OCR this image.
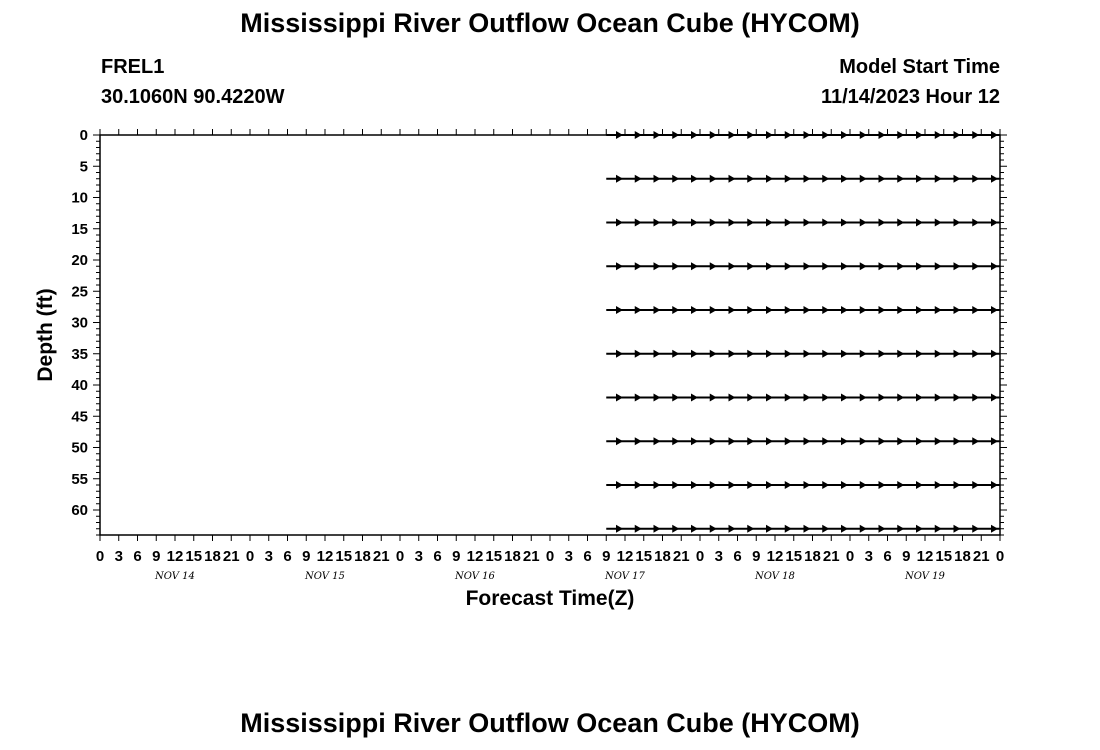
Mississippi River Outflow Ocean Cube (HYCOM)
FREL1
30.1060N 90.4220W
Model Start Time
11/14/2023 Hour 12
0
5
10
15
20
25
30
35
40
45
50
55
60
0 3 6 9 12 15 18 21 0 3 6 9 12 15 18 21 0 3 6 9 12 15 18 21 0 3 6 9 12 15 18 21 0 3 6 9 12 15 18 21 0 3 6 9 12 15 18 21 0
NOV 14	NOV 15	NOV 16	NOV 17	NOV 18	NOV 19
Forecast Time(Z)
Depth (ft)
Mississippi River Outflow Ocean Cube (HYCOM)
